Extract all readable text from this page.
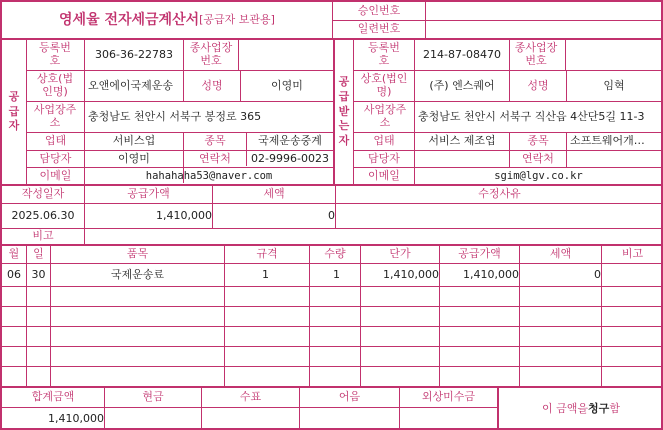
영세율 전자세금계산서 [공급자 보관용]
승인번호
일련번호
공
급
자
등록번호	306-36-22783	종사업장번호
상호(법인명)	오앤에이국제운송	성명	이영미
사업장주소	충청남도 천안시 서북구 봉정로 365
업태	서비스업	종목	국제운송중계
담당자	이영미	연락처	02-9996-0023
이메일	hahahaha53@naver.com
공
급
받
는
자
등록번호	214-87-08470	종사업장번호
상호(법인명)	(주) 엔스퀘어	성명	임혁
사업장주소	충청남도 천안시 서북구 직산읍 4산단5길 11-3
업태	서비스 제조업	종목	소프트웨어개…
담당자	연락처
이메일	sgim@lgv.co.kr
작성일자	공급가액	세액	수정사유
2025.06.30	1,410,000	0
비고
월	일	품목	규격	수량	단가	공급가액	세액	비고
06 30	국제운송료	1	1	1,410,000	1,410,000	0
합계금액	현금	수표	어음	외상미수금
1,410,000
이 금액을 청구 함
